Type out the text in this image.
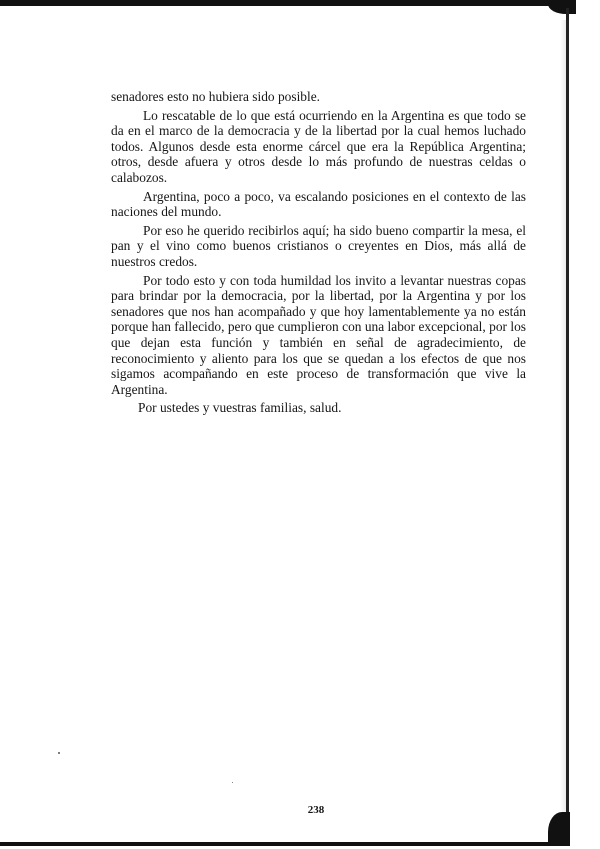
senadores esto no hubiera sido posible.

Lo rescatable de lo que está ocurriendo en la Argentina es que todo se da en el marco de la democracia y de la libertad por la cual hemos luchado todos. Algunos desde esta enorme cárcel que era la República Argentina; otros, desde afuera y otros desde lo más profundo de nuestras celdas o calabozos.

Argentina, poco a poco, va escalando posiciones en el contexto de las naciones del mundo.

Por eso he querido recibirlos aquí; ha sido bueno compartir la mesa, el pan y el vino como buenos cristianos o creyentes en Dios, más allá de nuestros credos.

Por todo esto y con toda humildad los invito a levantar nuestras copas para brindar por la democracia, por la libertad, por la Argentina y por los senadores que nos han acompañado y que hoy lamentablemente ya no están porque han fallecido, pero que cumplieron con una labor excepcional, por los que dejan esta función y también en señal de agradecimiento, de reconocimiento y aliento para los que se quedan a los efectos de que nos sigamos acompañando en este proceso de transformación que vive la Argentina.

Por ustedes y vuestras familias, salud.

238
